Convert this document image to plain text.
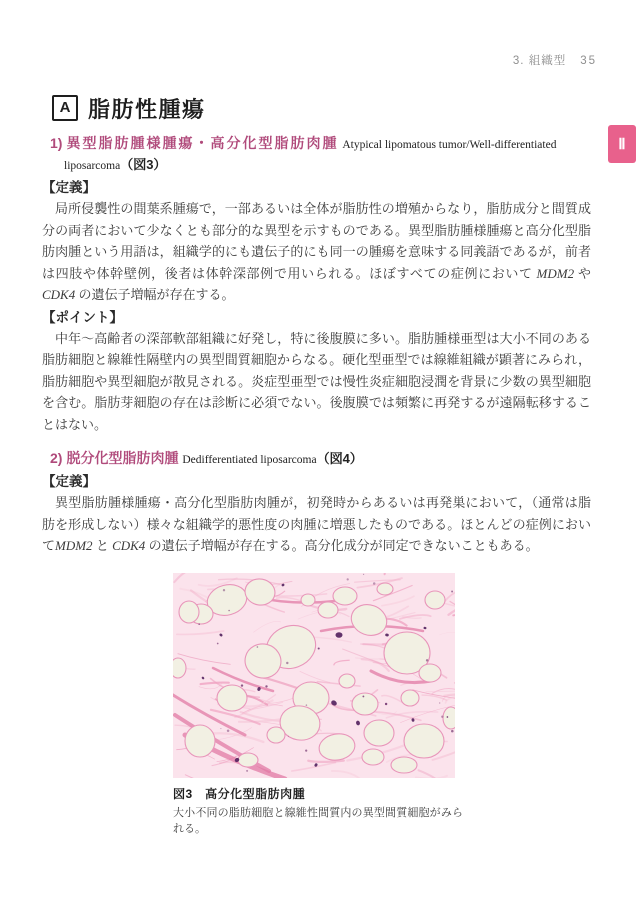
3. 組織型 35
Ⅱ
A 脂肪性腫瘍
1) 異型脂肪腫様腫瘍・高分化型脂肪肉腫 Atypical lipomatous tumor/Well-differentiated liposarcoma（図3）
【定義】

局所侵襲性の間葉系腫瘍で，一部あるいは全体が脂肪性の増殖からなり，脂肪成分と間質成分の両者において少なくとも部分的な異型を示すものである。異型脂肪腫様腫瘍と高分化型脂肪肉腫という用語は，組織学的にも遺伝子的にも同一の腫瘍を意味する同義語であるが，前者は四肢や体幹壁例，後者は体幹深部例で用いられる。ほぼすべての症例において MDM2 や CDK4 の遺伝子増幅が存在する。

【ポイント】

中年～高齢者の深部軟部組織に好発し，特に後腹膜に多い。脂肪腫様亜型は大小不同のある脂肪細胞と線維性隔壁内の異型間質細胞からなる。硬化型亜型では線維組織が顕著にみられ，脂肪細胞や異型細胞が散見される。炎症型亜型では慢性炎症細胞浸潤を背景に少数の異型細胞を含む。脂肪芽細胞の存在は診断に必須でない。後腹膜では頻繁に再発するが遠隔転移することはない。

2) 脱分化型脂肪肉腫 Dedifferentiated liposarcoma（図4）
【定義】

異型脂肪腫様腫瘍・高分化型脂肪肉腫が，初発時からあるいは再発巣において，（通常は脂肪を形成しない）様々な組織学的悪性度の肉腫に増悪したものである。ほとんどの症例においてMDM2 と CDK4 の遺伝子増幅が存在する。高分化成分が同定できないこともある。

図3　高分化型脂肪肉腫
大小不同の脂肪細胞と線維性間質内の異型間質細胞がみられる。
